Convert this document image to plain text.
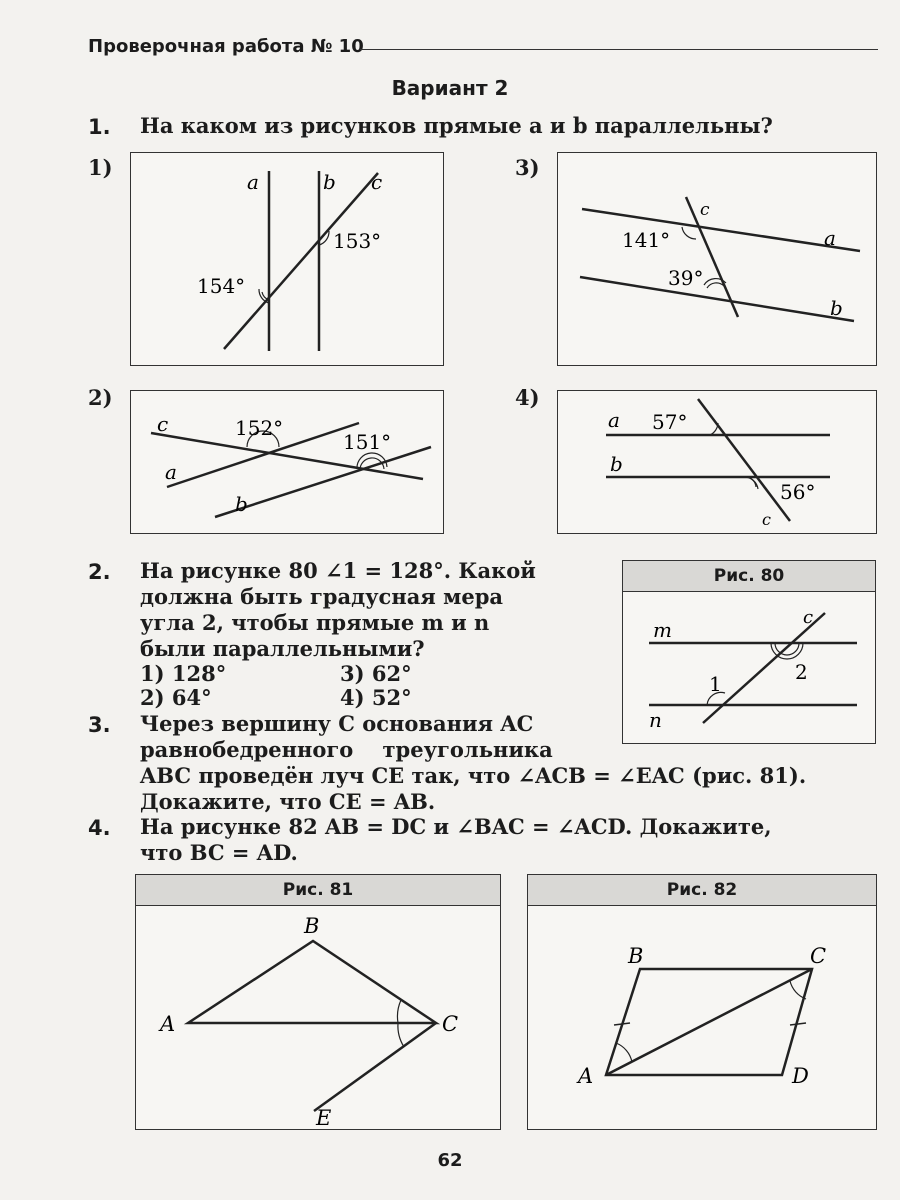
Проверочная работа № 10
Вариант 2
1. На каком из рисунков прямые a и b параллельны?
1)
2)
3)
4)
a	b c
154°
153°
c
a
b
152°
151°
c
a
b
141°
39°
a
b
c
57°
56°
2. На рисунке 80 ∠1 = 128°. Какой
должна быть градусная мера
угла 2, чтобы прямые m и n
были параллельными?
1) 128°	3) 62°
2) 64°	4) 52°
Рис. 80
m
n
c
1	2
3. Через вершину C основания AC
равнобедренного    треугольника
ABC проведён луч CE так, что ∠ACB = ∠EAC (рис. 81).
Докажите, что CE = AB.
4. На рисунке 82 AB = DC и ∠BAC = ∠ACD. Докажите,
что BC = AD.
Рис. 81
B
A	C
E
Рис. 82
B	C
A	D
62
